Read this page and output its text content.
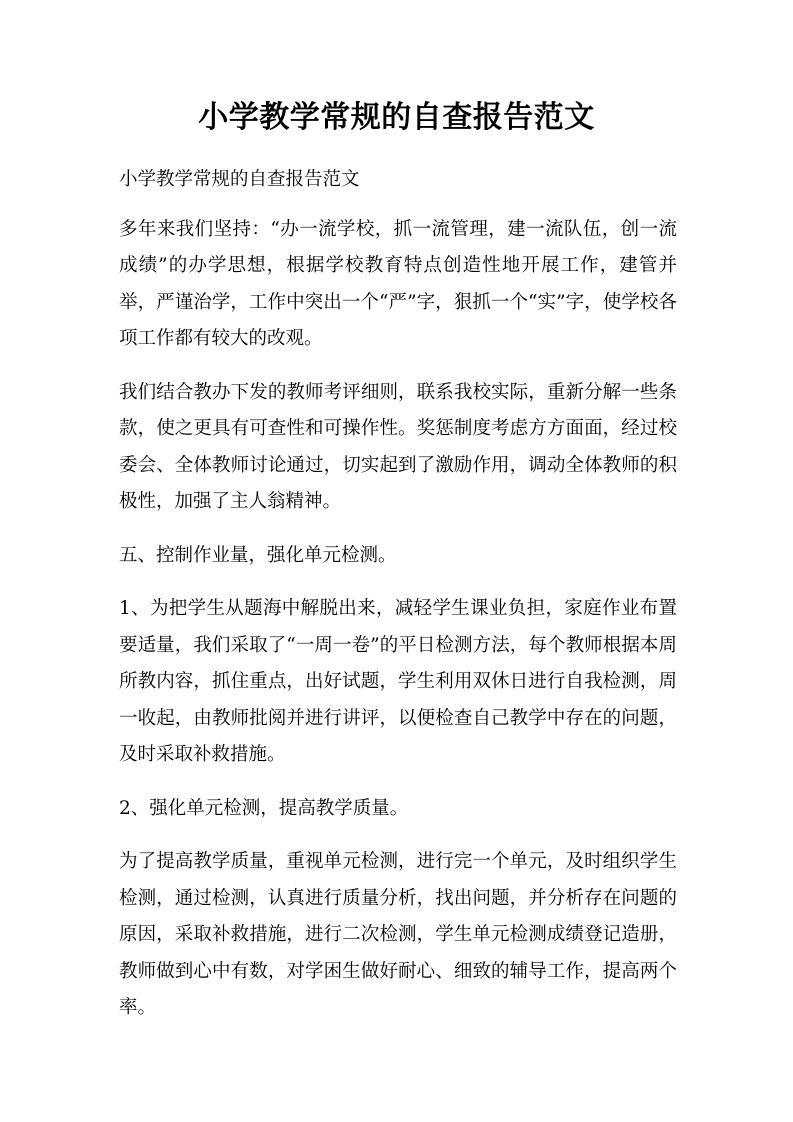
小学教学常规的自查报告范文

小学教学常规的自查报告范文

多年来我们坚持：“办一流学校，抓一流管理，建一流队伍，创一流成绩”的办学思想，根据学校教育特点创造性地开展工作，建管并举，严谨治学，工作中突出一个“严”字，狠抓一个“实”字，使学校各项工作都有较大的改观。

我们结合教办下发的教师考评细则，联系我校实际，重新分解一些条款，使之更具有可查性和可操作性。奖惩制度考虑方方面面，经过校委会、全体教师讨论通过，切实起到了激励作用，调动全体教师的积极性，加强了主人翁精神。

五、控制作业量，强化单元检测。

1、为把学生从题海中解脱出来，减轻学生课业负担，家庭作业布置要适量，我们采取了“一周一卷”的平日检测方法，每个教师根据本周所教内容，抓住重点，出好试题，学生利用双休日进行自我检测，周一收起，由教师批阅并进行讲评，以便检查自己教学中存在的问题，及时采取补救措施。

2、强化单元检测，提高教学质量。

为了提高教学质量，重视单元检测，进行完一个单元，及时组织学生检测，通过检测，认真进行质量分析，找出问题，并分析存在问题的原因，采取补救措施，进行二次检测，学生单元检测成绩登记造册，教师做到心中有数，对学困生做好耐心、细致的辅导工作，提高两个率。
